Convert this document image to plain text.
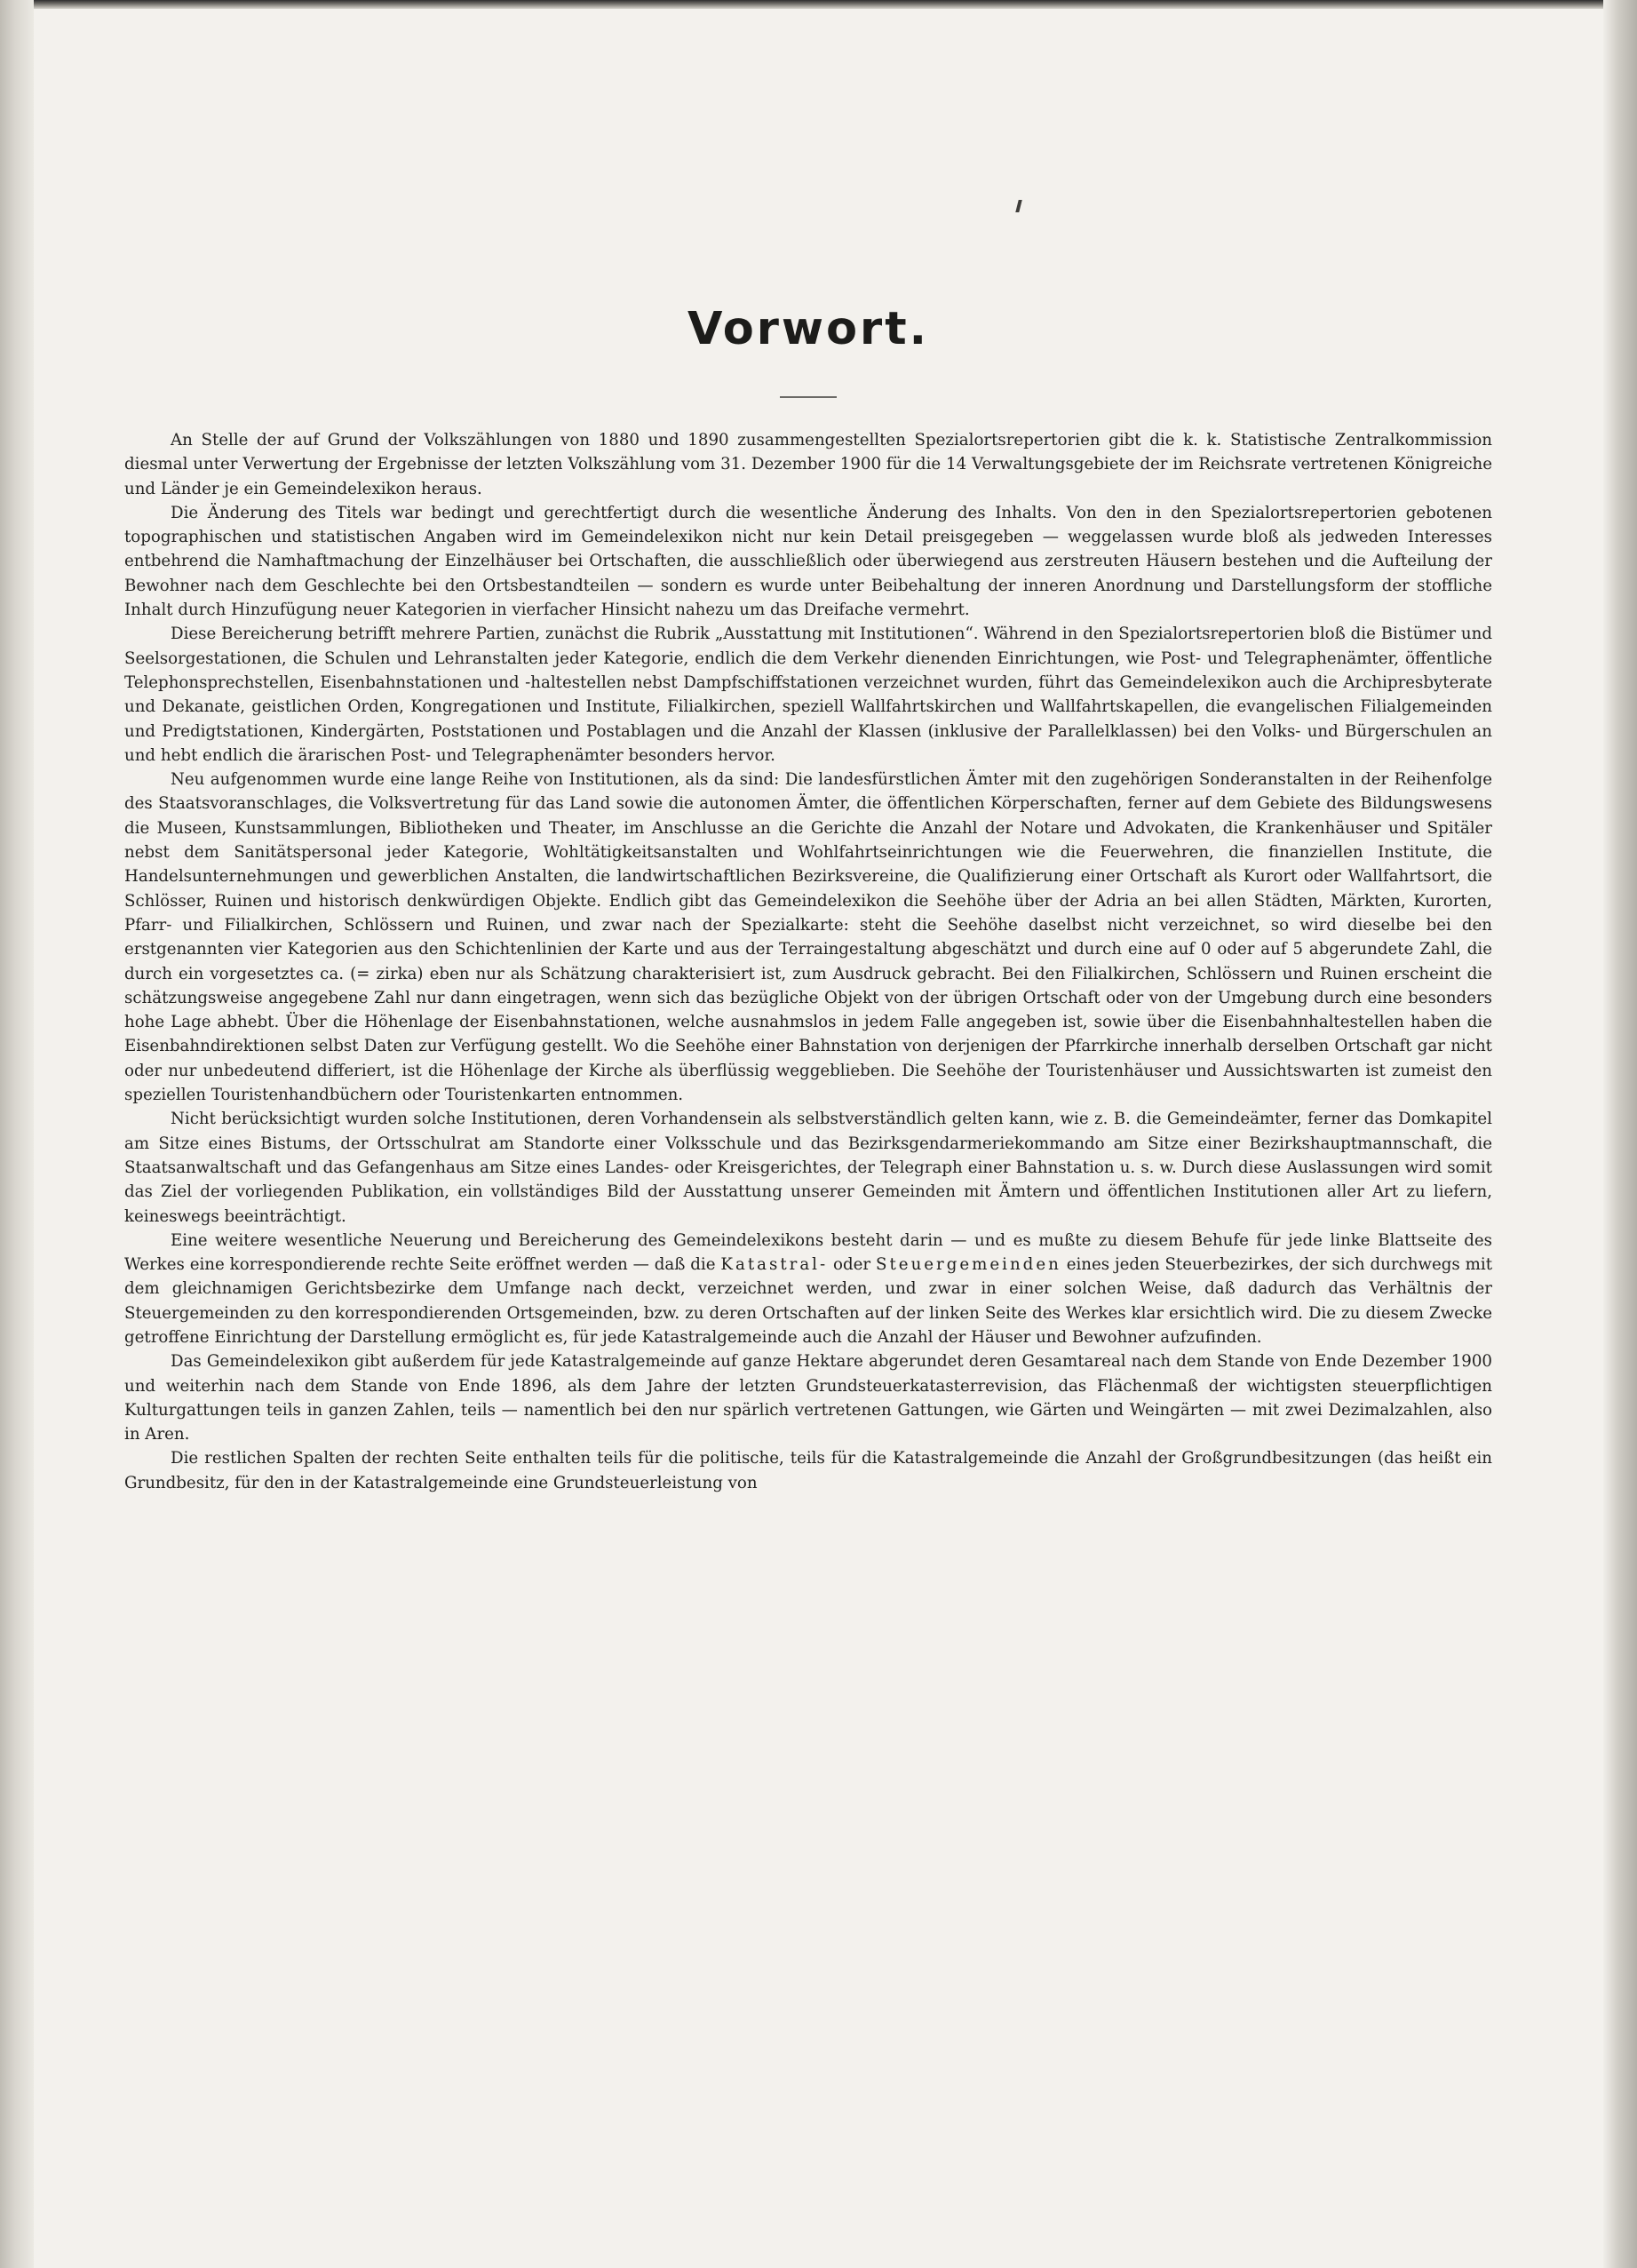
Vorwort.

An Stelle der auf Grund der Volkszählungen von 1880 und 1890 zusammengestellten Spezialortsrepertorien gibt die k. k. Statistische Zentralkommission diesmal unter Verwertung der Ergebnisse der letzten Volkszählung vom 31. Dezember 1900 für die 14 Verwaltungsgebiete der im Reichsrate vertretenen Königreiche und Länder je ein Gemeindelexikon heraus.

Die Änderung des Titels war bedingt und gerechtfertigt durch die wesentliche Änderung des Inhalts. Von den in den Spezialortsrepertorien gebotenen topographischen und statistischen Angaben wird im Gemeindelexikon nicht nur kein Detail preisgegeben — weggelassen wurde bloß als jedweden Interesses entbehrend die Namhaftmachung der Einzelhäuser bei Ortschaften, die ausschließlich oder überwiegend aus zerstreuten Häusern bestehen und die Aufteilung der Bewohner nach dem Geschlechte bei den Ortsbestandteilen — sondern es wurde unter Beibehaltung der inneren Anordnung und Darstellungsform der stoffliche Inhalt durch Hinzufügung neuer Kategorien in vierfacher Hinsicht nahezu um das Dreifache vermehrt.

Diese Bereicherung betrifft mehrere Partien, zunächst die Rubrik „Ausstattung mit Institutionen“. Während in den Spezialortsrepertorien bloß die Bistümer und Seelsorgestationen, die Schulen und Lehranstalten jeder Kategorie, endlich die dem Verkehr dienenden Einrichtungen, wie Post- und Telegraphenämter, öffentliche Telephonsprechstellen, Eisenbahnstationen und -haltestellen nebst Dampfschiffstationen verzeichnet wurden, führt das Gemeindelexikon auch die Archipresbyterate und Dekanate, geistlichen Orden, Kongregationen und Institute, Filialkirchen, speziell Wallfahrtskirchen und Wallfahrtskapellen, die evangelischen Filialgemeinden und Predigtstationen, Kindergärten, Poststationen und Postablagen und die Anzahl der Klassen (inklusive der Parallelklassen) bei den Volks- und Bürgerschulen an und hebt endlich die ärarischen Post- und Telegraphenämter besonders hervor.

Neu aufgenommen wurde eine lange Reihe von Institutionen, als da sind: Die landesfürstlichen Ämter mit den zugehörigen Sonderanstalten in der Reihenfolge des Staatsvoranschlages, die Volksvertretung für das Land sowie die autonomen Ämter, die öffentlichen Körperschaften, ferner auf dem Gebiete des Bildungswesens die Museen, Kunstsammlungen, Bibliotheken und Theater, im Anschlusse an die Gerichte die Anzahl der Notare und Advokaten, die Krankenhäuser und Spitäler nebst dem Sanitätspersonal jeder Kategorie, Wohltätigkeitsanstalten und Wohlfahrtseinrichtungen wie die Feuerwehren, die finanziellen Institute, die Handelsunternehmungen und gewerblichen Anstalten, die landwirtschaftlichen Bezirksvereine, die Qualifizierung einer Ortschaft als Kurort oder Wallfahrtsort, die Schlösser, Ruinen und historisch denkwürdigen Objekte. Endlich gibt das Gemeindelexikon die Seehöhe über der Adria an bei allen Städten, Märkten, Kurorten, Pfarr- und Filialkirchen, Schlössern und Ruinen, und zwar nach der Spezialkarte: steht die Seehöhe daselbst nicht verzeichnet, so wird dieselbe bei den erstgenannten vier Kategorien aus den Schichtenlinien der Karte und aus der Terraingestaltung abgeschätzt und durch eine auf 0 oder auf 5 abgerundete Zahl, die durch ein vorgesetztes ca. (= zirka) eben nur als Schätzung charakterisiert ist, zum Ausdruck gebracht. Bei den Filialkirchen, Schlössern und Ruinen erscheint die schätzungsweise angegebene Zahl nur dann eingetragen, wenn sich das bezügliche Objekt von der übrigen Ortschaft oder von der Umgebung durch eine besonders hohe Lage abhebt. Über die Höhenlage der Eisenbahnstationen, welche ausnahmslos in jedem Falle angegeben ist, sowie über die Eisenbahnhaltestellen haben die Eisenbahndirektionen selbst Daten zur Verfügung gestellt. Wo die Seehöhe einer Bahnstation von derjenigen der Pfarrkirche innerhalb derselben Ortschaft gar nicht oder nur unbedeutend differiert, ist die Höhenlage der Kirche als überflüssig weggeblieben. Die Seehöhe der Touristenhäuser und Aussichtswarten ist zumeist den speziellen Touristenhandbüchern oder Touristenkarten entnommen.

Nicht berücksichtigt wurden solche Institutionen, deren Vorhandensein als selbstverständlich gelten kann, wie z. B. die Gemeindeämter, ferner das Domkapitel am Sitze eines Bistums, der Ortsschulrat am Standorte einer Volksschule und das Bezirksgendarmeriekommando am Sitze einer Bezirkshauptmannschaft, die Staatsanwaltschaft und das Gefangenhaus am Sitze eines Landes- oder Kreisgerichtes, der Telegraph einer Bahnstation u. s. w. Durch diese Auslassungen wird somit das Ziel der vorliegenden Publikation, ein vollständiges Bild der Ausstattung unserer Gemeinden mit Ämtern und öffentlichen Institutionen aller Art zu liefern, keineswegs beeinträchtigt.

Eine weitere wesentliche Neuerung und Bereicherung des Gemeindelexikons besteht darin — und es mußte zu diesem Behufe für jede linke Blattseite des Werkes eine korrespondierende rechte Seite eröffnet werden — daß die Katastral- oder Steuergemeinden eines jeden Steuerbezirkes, der sich durchwegs mit dem gleichnamigen Gerichtsbezirke dem Umfange nach deckt, verzeichnet werden, und zwar in einer solchen Weise, daß dadurch das Verhältnis der Steuergemeinden zu den korrespondierenden Ortsgemeinden, bzw. zu deren Ortschaften auf der linken Seite des Werkes klar ersichtlich wird. Die zu diesem Zwecke getroffene Einrichtung der Darstellung ermöglicht es, für jede Katastralgemeinde auch die Anzahl der Häuser und Bewohner aufzufinden.

Das Gemeindelexikon gibt außerdem für jede Katastralgemeinde auf ganze Hektare abgerundet deren Gesamtareal nach dem Stande von Ende Dezember 1900 und weiterhin nach dem Stande von Ende 1896, als dem Jahre der letzten Grundsteuerkatasterrevision, das Flächenmaß der wichtigsten steuerpflichtigen Kulturgattungen teils in ganzen Zahlen, teils — namentlich bei den nur spärlich vertretenen Gattungen, wie Gärten und Weingärten — mit zwei Dezimalzahlen, also in Aren.

Die restlichen Spalten der rechten Seite enthalten teils für die politische, teils für die Katastralgemeinde die Anzahl der Großgrundbesitzungen (das heißt ein Grundbesitz, für den in der Katastralgemeinde eine Grundsteuerleistung von
